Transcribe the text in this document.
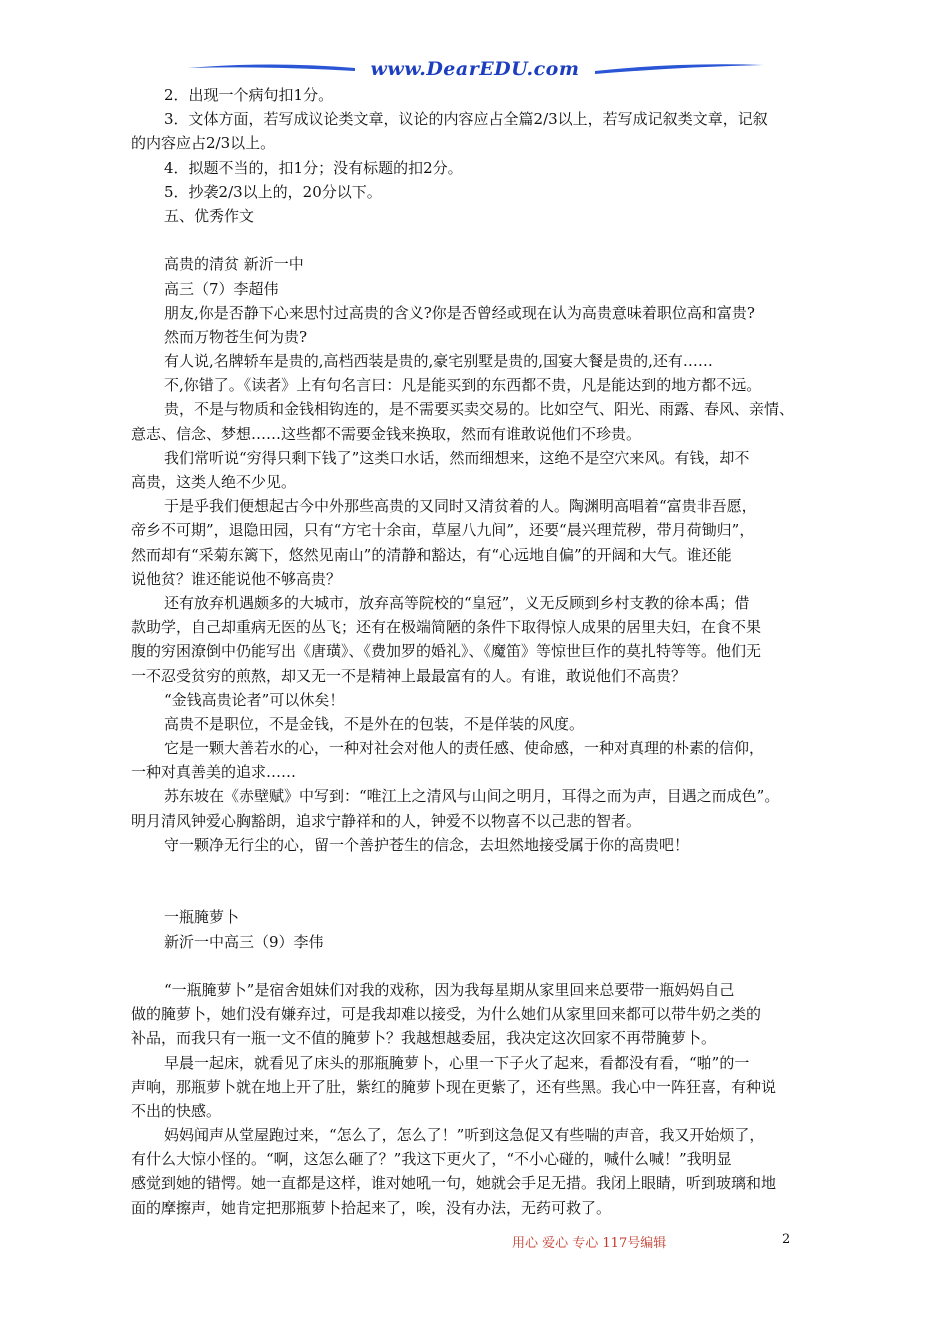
www.DearEDU.com
2．出现一个病句扣1分。
3．文体方面，若写成议论类文章，议论的内容应占全篇2/3以上，若写成记叙类文章，记叙
的内容应占2/3以上。
4．拟题不当的，扣1分；没有标题的扣2分。
5．抄袭2/3以上的，20分以下。
五、优秀作文
高贵的清贫 新沂一中
高三（7）李超伟
朋友,你是否静下心来思忖过高贵的含义?你是否曾经或现在认为高贵意味着职位高和富贵?
然而万物苍生何为贵?
有人说,名牌轿车是贵的,高档西装是贵的,豪宅别墅是贵的,国宴大餐是贵的,还有……
不,你错了。《读者》上有句名言曰：凡是能买到的东西都不贵，凡是能达到的地方都不远。
贵，不是与物质和金钱相钩连的，是不需要买卖交易的。比如空气、阳光、雨露、春风、亲情、
意志、信念、梦想……这些都不需要金钱来换取，然而有谁敢说他们不珍贵。
我们常听说“穷得只剩下钱了”这类口水话，然而细想来，这绝不是空穴来风。有钱，却不
高贵，这类人绝不少见。
于是乎我们便想起古今中外那些高贵的又同时又清贫着的人。陶渊明高唱着“富贵非吾愿，
帝乡不可期”，退隐田园，只有“方宅十余亩，草屋八九间”，还要“晨兴理荒秽，带月荷锄归”，
然而却有“采菊东篱下，悠然见南山”的清静和豁达，有“心远地自偏”的开阔和大气。谁还能
说他贫？谁还能说他不够高贵？
还有放弃机遇颇多的大城市，放弃高等院校的“皇冠”，义无反顾到乡村支教的徐本禹；借
款助学，自己却重病无医的丛飞；还有在极端简陋的条件下取得惊人成果的居里夫妇，在食不果
腹的穷困潦倒中仍能写出《唐璜》、《费加罗的婚礼》、《魔笛》等惊世巨作的莫扎特等等。他们无
一不忍受贫穷的煎熬，却又无一不是精神上最最富有的人。有谁，敢说他们不高贵？
“金钱高贵论者”可以休矣！
高贵不是职位，不是金钱，不是外在的包装，不是佯装的风度。
它是一颗大善若水的心，一种对社会对他人的责任感、使命感，一种对真理的朴素的信仰，
一种对真善美的追求……
苏东坡在《赤壁赋》中写到：“唯江上之清风与山间之明月，耳得之而为声，目遇之而成色”。
明月清风钟爱心胸豁朗，追求宁静祥和的人，钟爱不以物喜不以己悲的智者。
守一颗净无行尘的心，留一个善护苍生的信念，去坦然地接受属于你的高贵吧！
一瓶腌萝卜
新沂一中高三（9）李伟
“一瓶腌萝卜”是宿舍姐妹们对我的戏称，因为我每星期从家里回来总要带一瓶妈妈自己
做的腌萝卜，她们没有嫌弃过，可是我却难以接受，为什么她们从家里回来都可以带牛奶之类的
补品，而我只有一瓶一文不值的腌萝卜？我越想越委屈，我决定这次回家不再带腌萝卜。
早晨一起床，就看见了床头的那瓶腌萝卜，心里一下子火了起来，看都没有看，“啪”的一
声响，那瓶萝卜就在地上开了肚，紫红的腌萝卜现在更紫了，还有些黑。我心中一阵狂喜，有种说
不出的快感。
妈妈闻声从堂屋跑过来，“怎么了，怎么了！”听到这急促又有些喘的声音，我又开始烦了，
有什么大惊小怪的。“啊，这怎么砸了？”我这下更火了，“不小心碰的，喊什么喊！”我明显
感觉到她的错愕。她一直都是这样，谁对她吼一句，她就会手足无措。我闭上眼睛，听到玻璃和地
面的摩擦声，她肯定把那瓶萝卜拾起来了，唉，没有办法，无药可救了。
用心 爱心 专心 117号编辑	2
